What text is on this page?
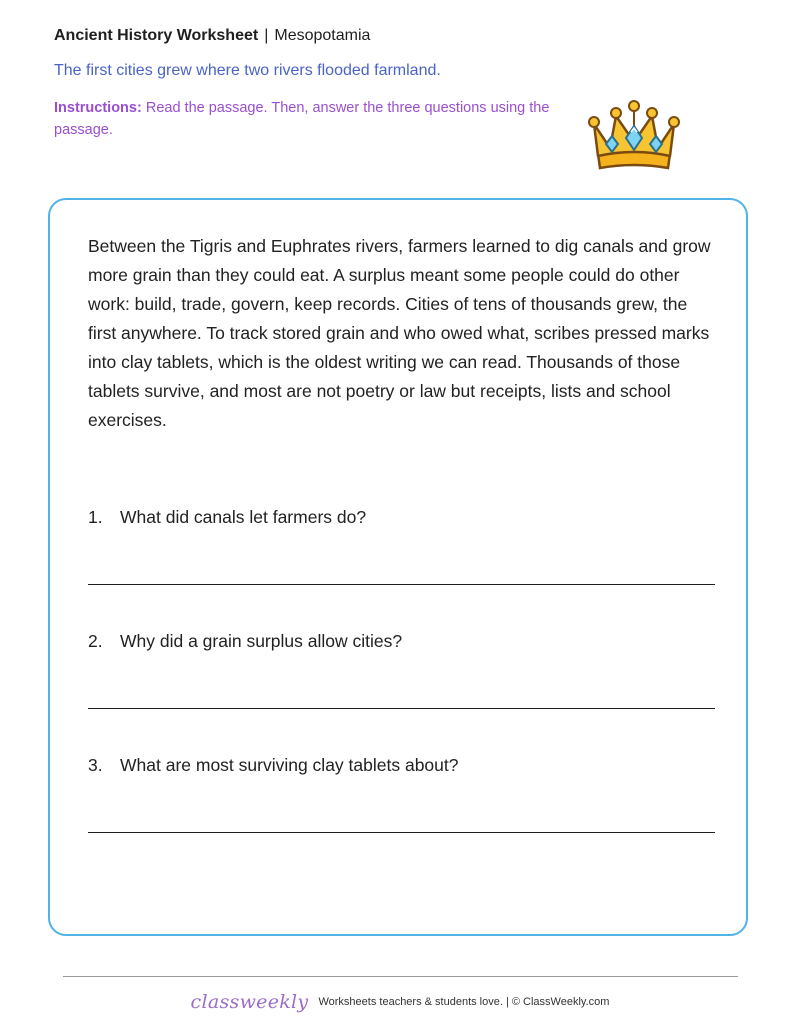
Ancient History Worksheet | Mesopotamia
The first cities grew where two rivers flooded farmland.
Instructions: Read the passage. Then, answer the three questions using the passage.

Between the Tigris and Euphrates rivers, farmers learned to dig canals and grow more grain than they could eat. A surplus meant some people could do other work: build, trade, govern, keep records. Cities of tens of thousands grew, the first anywhere. To track stored grain and who owed what, scribes pressed marks into clay tablets, which is the oldest writing we can read. Thousands of those tablets survive, and most are not poetry or law but receipts, lists and school exercises.

1. What did canals let farmers do?
2. Why did a grain surplus allow cities?
3. What are most surviving clay tablets about?
classweekly Worksheets teachers & students love. | © ClassWeekly.com
